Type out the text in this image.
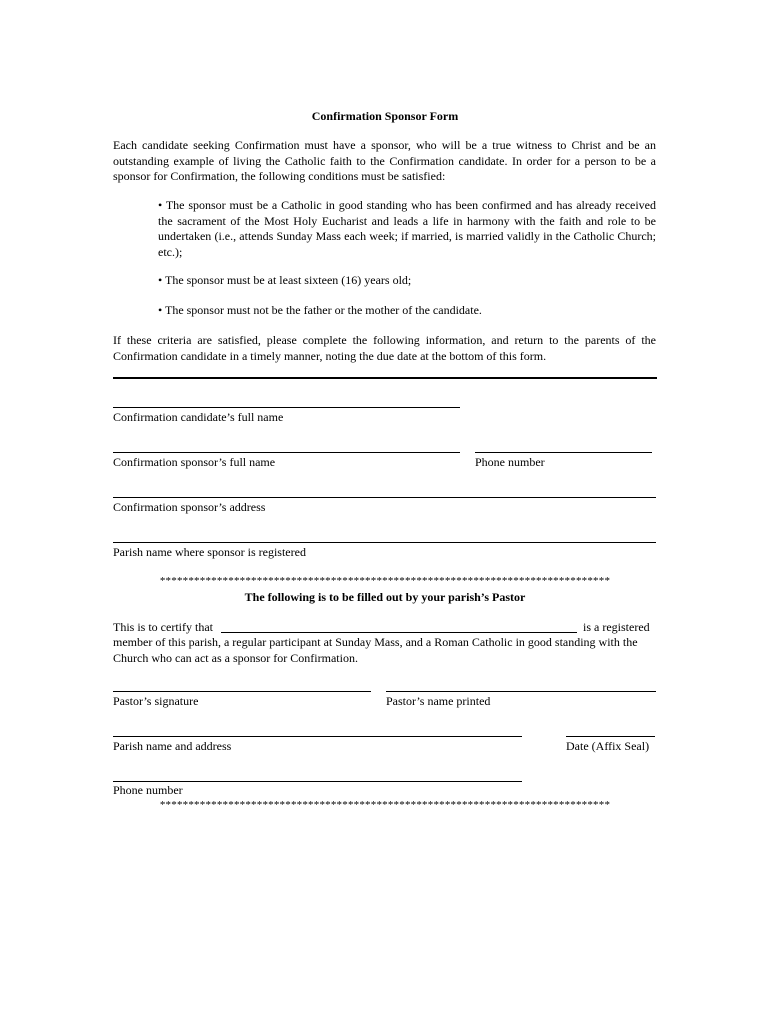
Confirmation Sponsor Form
Each candidate seeking Confirmation must have a sponsor, who will be a true witness to Christ and be an outstanding example of living the Catholic faith to the Confirmation candidate. In order for a person to be a sponsor for Confirmation, the following conditions must be satisfied:
• The sponsor must be a Catholic in good standing who has been confirmed and has already received the sacrament of the Most Holy Eucharist and leads a life in harmony with the faith and role to be undertaken (i.e., attends Sunday Mass each week; if married, is married validly in the Catholic Church; etc.);
• The sponsor must be at least sixteen (16) years old;
• The sponsor must not be the father or the mother of the candidate.
If these criteria are satisfied, please complete the following information, and return to the parents of the Confirmation candidate in a timely manner, noting the due date at the bottom of this form.
Confirmation candidate’s full name
Confirmation sponsor’s full name	Phone number
Confirmation sponsor’s address
Parish name where sponsor is registered
*******************************************************************************
The following is to be filled out by your parish’s Pastor
This is to certify that	is a registered
member of this parish, a regular participant at Sunday Mass, and a Roman Catholic in good standing with the Church who can act as a sponsor for Confirmation.
Pastor’s signature	Pastor’s name printed
Parish name and address	Date (Affix Seal)
Phone number
*******************************************************************************
